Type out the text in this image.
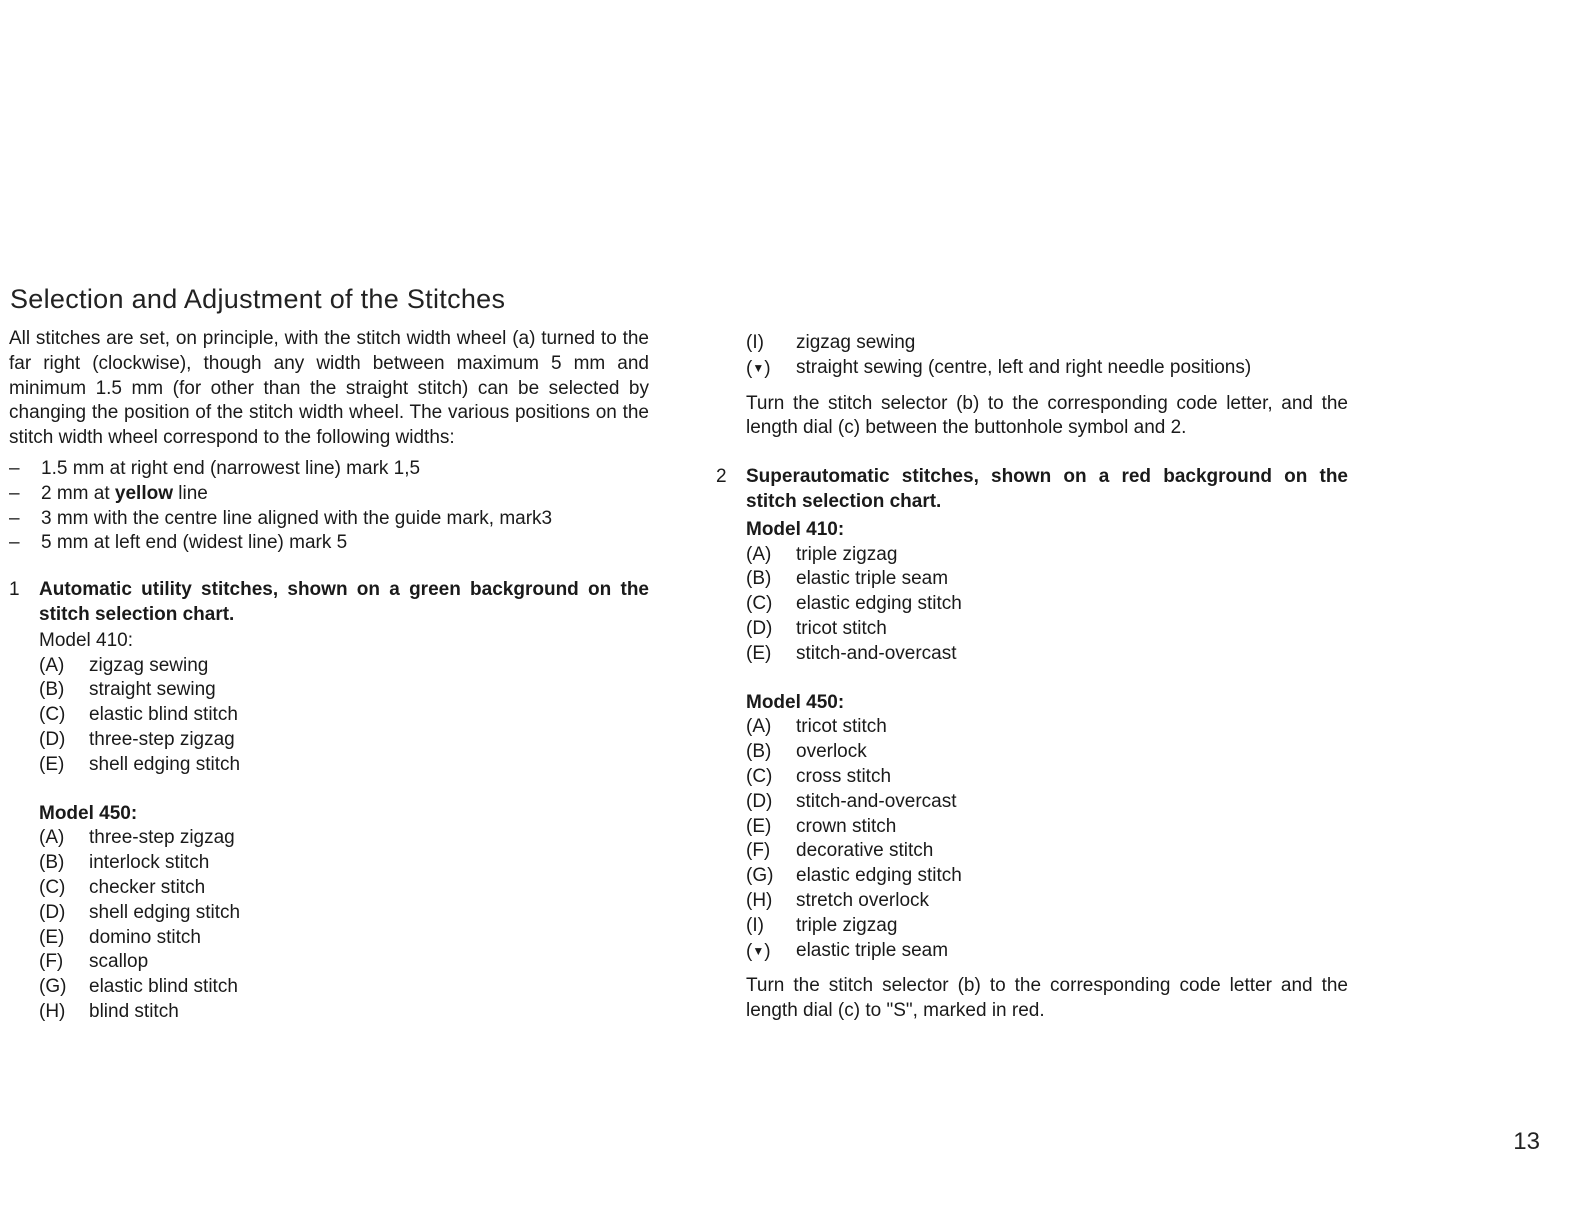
Selection and Adjustment of the Stitches

All stitches are set, on principle, with the stitch width wheel (a) turned to the far right (clockwise), though any width between maximum 5 mm and minimum 1.5 mm (for other than the straight stitch) can be selected by changing the position of the stitch width wheel. The various positions on the stitch width wheel correspond to the following widths:

–	1.5 mm at right end (narrowest line) mark 1,5
–	2 mm at yellow line
–	3 mm with the centre line aligned with the guide mark, mark3
–	5 mm at left end (widest line) mark 5
1	Automatic utility stitches, shown on a green background on the stitch selection chart.

Model 410:

(A)	zigzag sewing
(B)	straight sewing
(C)	elastic blind stitch
(D)	three-step zigzag
(E)	shell edging stitch

Model 450:

(A)	three-step zigzag
(B)	interlock stitch
(C)	checker stitch
(D)	shell edging stitch
(E)	domino stitch
(F)	scallop
(G)	elastic blind stitch
(H)	blind stitch
(I)	zigzag sewing
(▼)	straight sewing (centre, left and right needle positions)

Turn the stitch selector (b) to the corresponding code letter, and the length dial (c) between the buttonhole symbol and 2.

2	Superautomatic stitches, shown on a red background on the stitch selection chart.

Model 410:

(A)	triple zigzag
(B)	elastic triple seam
(C)	elastic edging stitch
(D)	tricot stitch
(E)	stitch-and-overcast

Model 450:

(A)	tricot stitch
(B)	overlock
(C)	cross stitch
(D)	stitch-and-overcast
(E)	crown stitch
(F)	decorative stitch
(G)	elastic edging stitch
(H)	stretch overlock
(I)	triple zigzag
(▼)	elastic triple seam

Turn the stitch selector (b) to the corresponding code letter and the length dial (c) to "S", marked in red.

13
